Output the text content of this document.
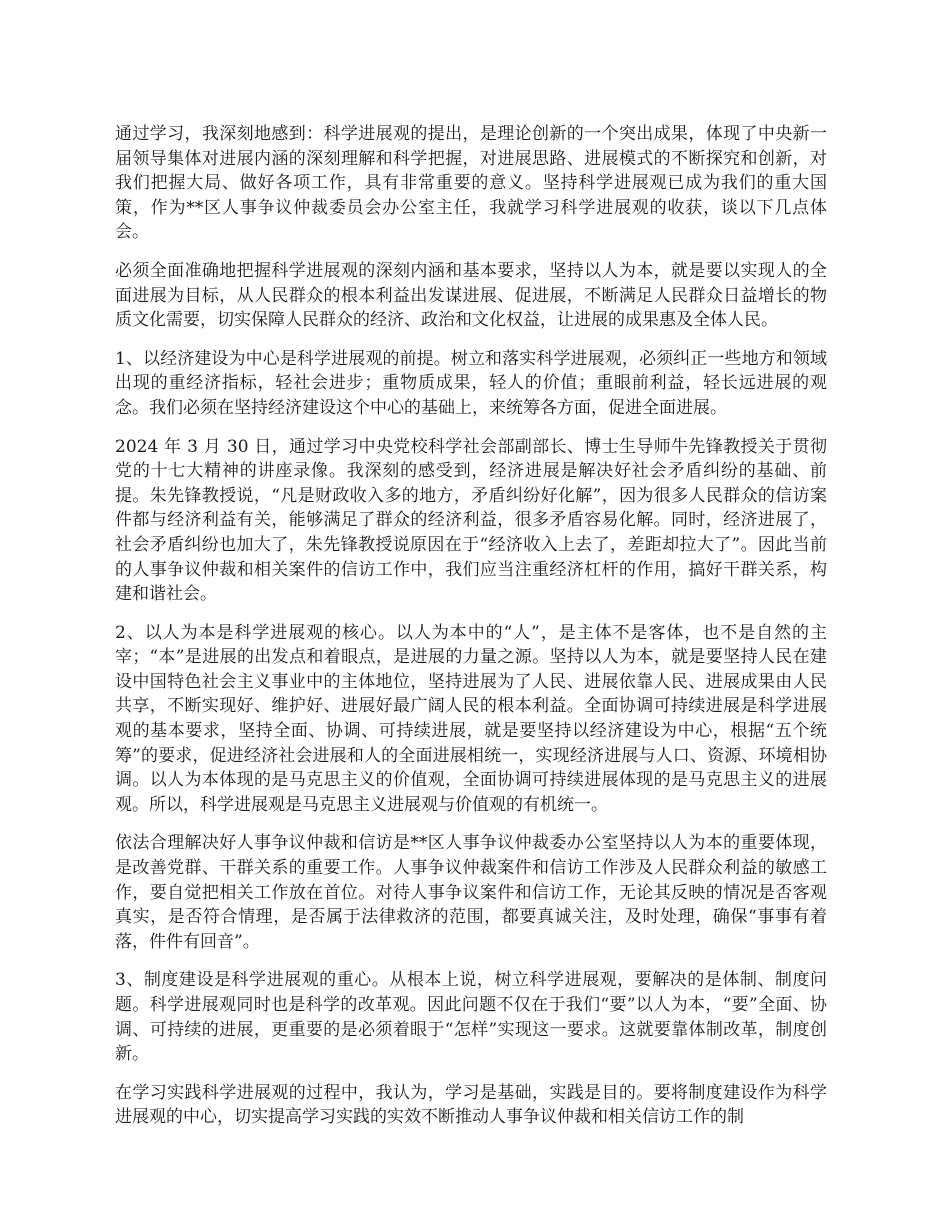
通过学习，我深刻地感到：科学进展观的提出，是理论创新的一个突出成果，体现了中央新一届领导集体对进展内涵的深刻理解和科学把握，对进展思路、进展模式的不断探究和创新，对我们把握大局、做好各项工作，具有非常重要的意义。坚持科学进展观已成为我们的重大国策，作为**区人事争议仲裁委员会办公室主任，我就学习科学进展观的收获，谈以下几点体会。

必须全面准确地把握科学进展观的深刻内涵和基本要求，坚持以人为本，就是要以实现人的全面进展为目标，从人民群众的根本利益出发谋进展、促进展，不断满足人民群众日益增长的物质文化需要，切实保障人民群众的经济、政治和文化权益，让进展的成果惠及全体人民。

1、以经济建设为中心是科学进展观的前提。树立和落实科学进展观，必须纠正一些地方和领域出现的重经济指标，轻社会进步；重物质成果，轻人的价值；重眼前利益，轻长远进展的观念。我们必须在坚持经济建设这个中心的基础上，来统筹各方面，促进全面进展。

2024 年 3 月 30 日，通过学习中央党校科学社会部副部长、博士生导师牛先锋教授关于贯彻党的十七大精神的讲座录像。我深刻的感受到，经济进展是解决好社会矛盾纠纷的基础、前提。朱先锋教授说，“凡是财政收入多的地方，矛盾纠纷好化解”，因为很多人民群众的信访案件都与经济利益有关，能够满足了群众的经济利益，很多矛盾容易化解。同时，经济进展了，社会矛盾纠纷也加大了，朱先锋教授说原因在于“经济收入上去了，差距却拉大了”。因此当前的人事争议仲裁和相关案件的信访工作中，我们应当注重经济杠杆的作用，搞好干群关系，构建和谐社会。

2、以人为本是科学进展观的核心。以人为本中的“人”，是主体不是客体，也不是自然的主宰；“本”是进展的出发点和着眼点，是进展的力量之源。坚持以人为本，就是要坚持人民在建设中国特色社会主义事业中的主体地位，坚持进展为了人民、进展依靠人民、进展成果由人民共享，不断实现好、维护好、进展好最广阔人民的根本利益。全面协调可持续进展是科学进展观的基本要求，坚持全面、协调、可持续进展，就是要坚持以经济建设为中心，根据“五个统筹”的要求，促进经济社会进展和人的全面进展相统一，实现经济进展与人口、资源、环境相协调。以人为本体现的是马克思主义的价值观，全面协调可持续进展体现的是马克思主义的进展观。所以，科学进展观是马克思主义进展观与价值观的有机统一。

依法合理解决好人事争议仲裁和信访是**区人事争议仲裁委办公室坚持以人为本的重要体现，是改善党群、干群关系的重要工作。人事争议仲裁案件和信访工作涉及人民群众利益的敏感工作，要自觉把相关工作放在首位。对待人事争议案件和信访工作，无论其反映的情况是否客观真实，是否符合情理，是否属于法律救济的范围，都要真诚关注，及时处理，确保“事事有着落，件件有回音”。

3、制度建设是科学进展观的重心。从根本上说，树立科学进展观，要解决的是体制、制度问题。科学进展观同时也是科学的改革观。因此问题不仅在于我们“要”以人为本，“要”全面、协调、可持续的进展，更重要的是必须着眼于“怎样”实现这一要求。这就要靠体制改革，制度创新。

在学习实践科学进展观的过程中，我认为，学习是基础，实践是目的。要将制度建设作为科学进展观的中心，切实提高学习实践的实效不断推动人事争议仲裁和相关信访工作的制
